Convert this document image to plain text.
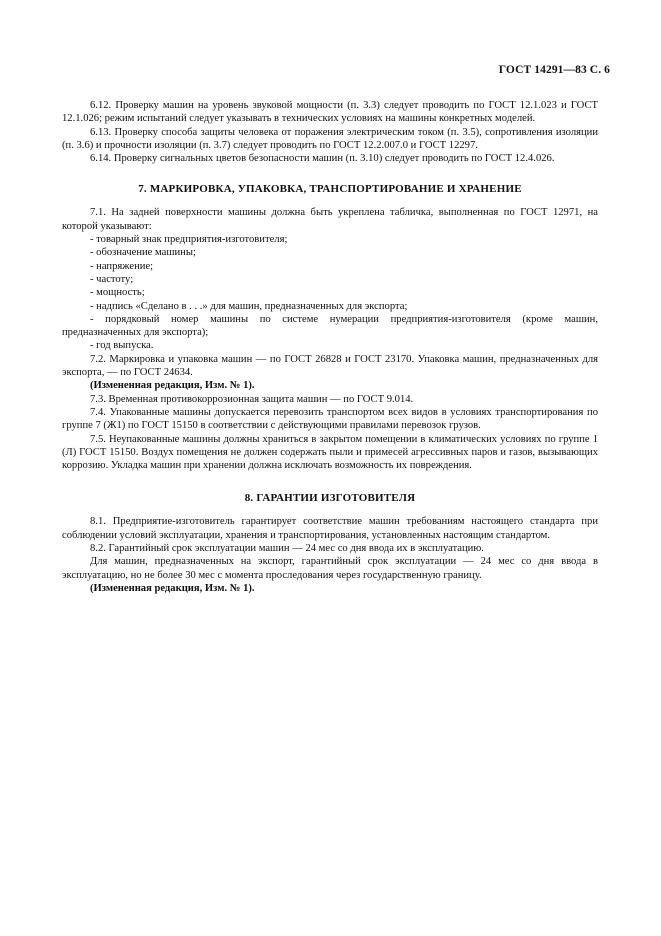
ГОСТ 14291—83 С. 6

6.12. Проверку машин на уровень звуковой мощности (п. 3.3) следует проводить по ГОСТ 12.1.023 и ГОСТ 12.1.026; режим испытаний следует указывать в технических условиях на машины конкретных моделей.

6.13. Проверку способа защиты человека от поражения электрическим током (п. 3.5), сопротивления изоляции (п. 3.6) и прочности изоляции (п. 3.7) следует проводить по ГОСТ 12.2.007.0 и ГОСТ 12297.

6.14. Проверку сигнальных цветов безопасности машин (п. 3.10) следует проводить по ГОСТ 12.4.026.

7. МАРКИРОВКА, УПАКОВКА, ТРАНСПОРТИРОВАНИЕ И ХРАНЕНИЕ

7.1. На задней поверхности машины должна быть укреплена табличка, выполненная по ГОСТ 12971, на которой указывают:

- товарный знак предприятия-изготовителя;

- обозначение машины;

- напряжение;

- частоту;

- мощность;

- надпись «Сделано в . . .» для машин, предназначенных для экспорта;

- порядковый номер машины по системе нумерации предприятия-изготовителя (кроме машин, предназначенных для экспорта);

- год выпуска.

7.2. Маркировка и упаковка машин — по ГОСТ 26828 и ГОСТ 23170. Упаковка машин, предназначенных для экспорта, — по ГОСТ 24634.

(Измененная редакция, Изм. № 1).

7.3. Временная противокоррозионная защита машин — по ГОСТ 9.014.

7.4. Упакованные машины допускается перевозить транспортом всех видов в условиях транспортирования по группе 7 (Ж1) по ГОСТ 15150 в соответствии с действующими правилами перевозок грузов.

7.5. Неупакованные машины должны храниться в закрытом помещении в климатических условиях по группе 1 (Л) ГОСТ 15150. Воздух помещения не должен содержать пыли и примесей агрессивных паров и газов, вызывающих коррозию. Укладка машин при хранении должна исключать возможность их повреждения.

8. ГАРАНТИИ ИЗГОТОВИТЕЛЯ

8.1. Предприятие-изготовитель гарантирует соответствие машин требованиям настоящего стандарта при соблюдении условий эксплуатации, хранения и транспортирования, установленных настоящим стандартом.

8.2. Гарантийный срок эксплуатации машин — 24 мес со дня ввода их в эксплуатацию.

Для машин, предназначенных на экспорт, гарантийный срок эксплуатации — 24 мес со дня ввода в эксплуатацию, но не более 30 мес с момента проследования через государственную границу.

(Измененная редакция, Изм. № 1).
